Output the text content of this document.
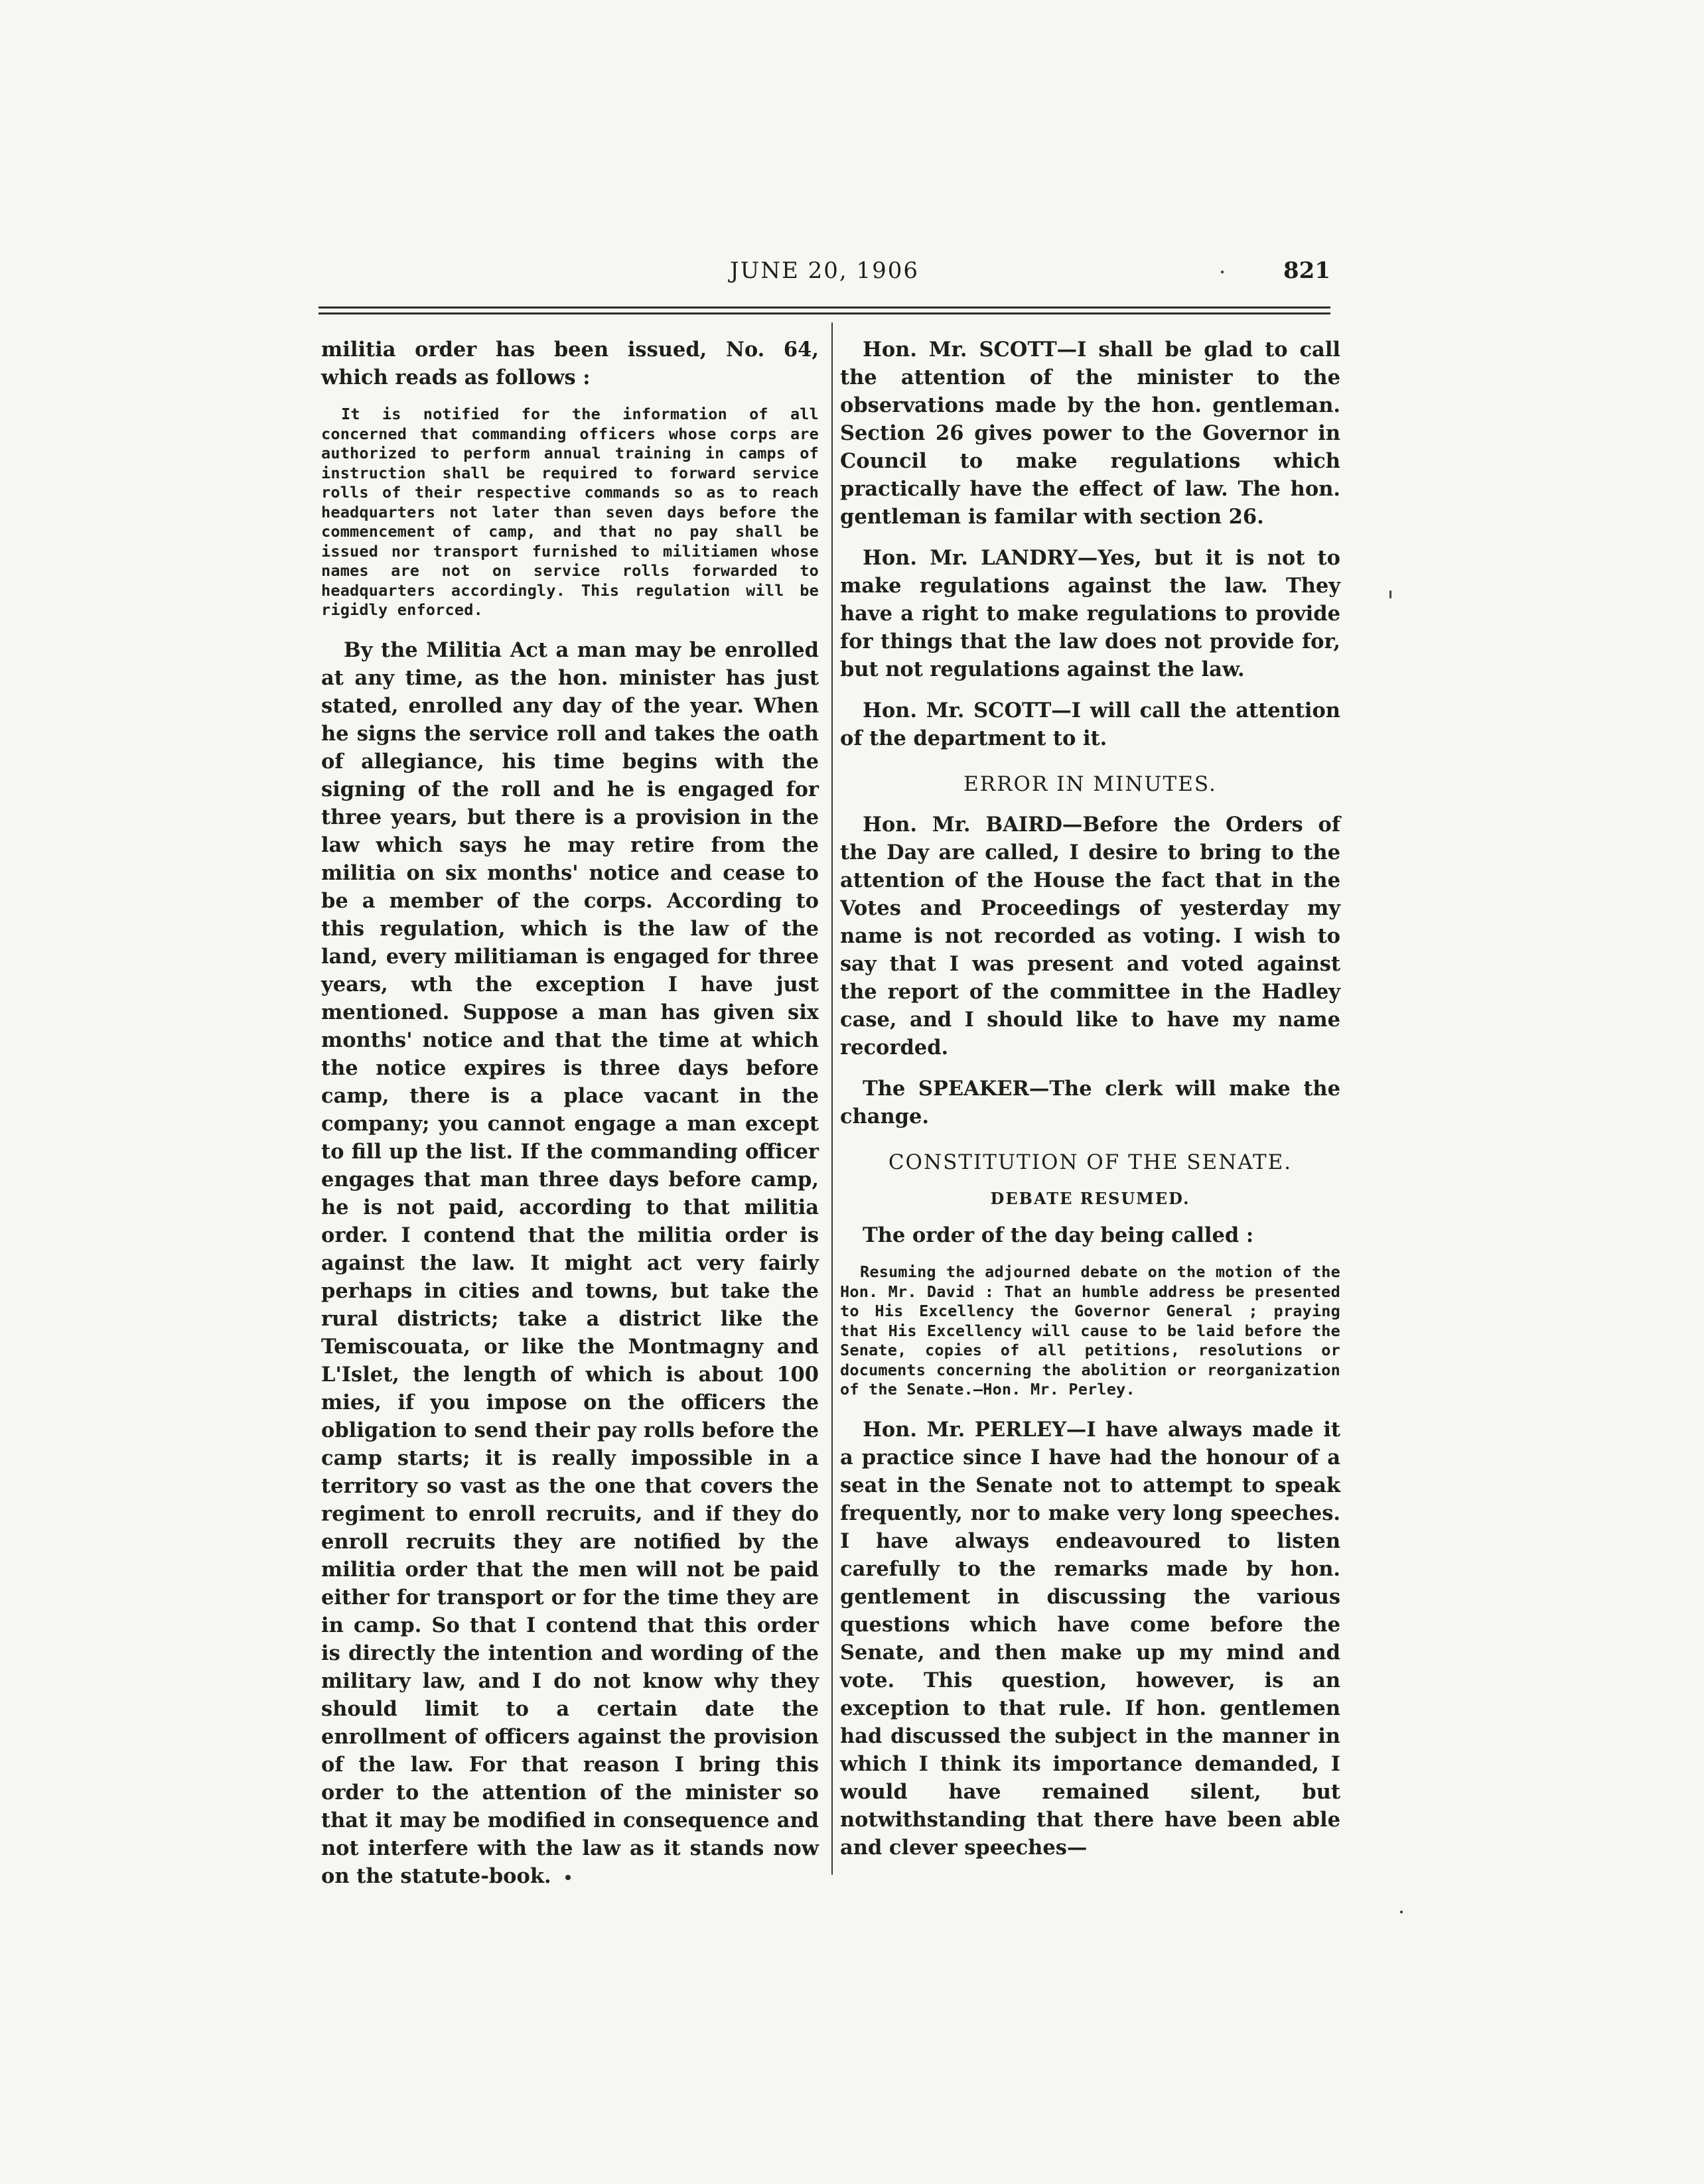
JUNE 20, 1906	821

militia order has been issued, No. 64, which reads as follows :

It is notified for the information of all concerned that commanding officers whose corps are authorized to perform annual training in camps of instruction shall be required to forward service rolls of their respective commands so as to reach headquarters not later than seven days before the commencement of camp, and that no pay shall be issued nor transport furnished to militiamen whose names are not on service rolls forwarded to headquarters accordingly. This regulation will be rigidly enforced.

By the Militia Act a man may be enrolled at any time, as the hon. minister has just stated, enrolled any day of the year. When he signs the service roll and takes the oath of allegiance, his time begins with the signing of the roll and he is engaged for three years, but there is a provision in the law which says he may retire from the militia on six months' notice and cease to be a member of the corps. According to this regulation, which is the law of the land, every militiaman is engaged for three years, wth the exception I have just mentioned. Suppose a man has given six months' notice and that the time at which the notice expires is three days before camp, there is a place vacant in the company; you cannot engage a man except to fill up the list. If the commanding officer engages that man three days before camp, he is not paid, according to that militia order. I contend that the militia order is against the law. It might act very fairly perhaps in cities and towns, but take the rural districts; take a district like the Temiscouata, or like the Montmagny and L'Islet, the length of which is about 100 mies, if you impose on the officers the obligation to send their pay rolls before the camp starts; it is really impossible in a territory so vast as the one that covers the regiment to enroll recruits, and if they do enroll recruits they are notified by the militia order that the men will not be paid either for transport or for the time they are in camp. So that I contend that this order is directly the intention and wording of the military law, and I do not know why they should limit to a certain date the enrollment of officers against the provision of the law. For that reason I bring this order to the attention of the minister so that it may be modified in consequence and not interfere with the law as it stands now on the statute-book.

Hon. Mr. SCOTT—I shall be glad to call the attention of the minister to the observations made by the hon. gentleman. Section 26 gives power to the Governor in Council to make regulations which practically have the effect of law. The hon. gentleman is familar with section 26.

Hon. Mr. LANDRY—Yes, but it is not to make regulations against the law. They have a right to make regulations to provide for things that the law does not provide for, but not regulations against the law.

Hon. Mr. SCOTT—I will call the attention of the department to it.

ERROR IN MINUTES.

Hon. Mr. BAIRD—Before the Orders of the Day are called, I desire to bring to the attention of the House the fact that in the Votes and Proceedings of yesterday my name is not recorded as voting. I wish to say that I was present and voted against the report of the committee in the Hadley case, and I should like to have my name recorded.

The SPEAKER—The clerk will make the change.

CONSTITUTION OF THE SENATE.
DEBATE RESUMED.

The order of the day being called :

Resuming the adjourned debate on the motion of the Hon. Mr. David : That an humble address be presented to His Excellency the Governor General ; praying that His Excellency will cause to be laid before the Senate, copies of all petitions, resolutions or documents concerning the abolition or reorganization of the Senate.—Hon. Mr. Perley.

Hon. Mr. PERLEY—I have always made it a practice since I have had the honour of a seat in the Senate not to attempt to speak frequently, nor to make very long speeches. I have always endeavoured to listen carefully to the remarks made by hon. gentlement in discussing the various questions which have come before the Senate, and then make up my mind and vote. This question, however, is an exception to that rule. If hon. gentlemen had discussed the subject in the manner in which I think its importance demanded, I would have remained silent, but notwithstanding that there have been able and clever speeches—
